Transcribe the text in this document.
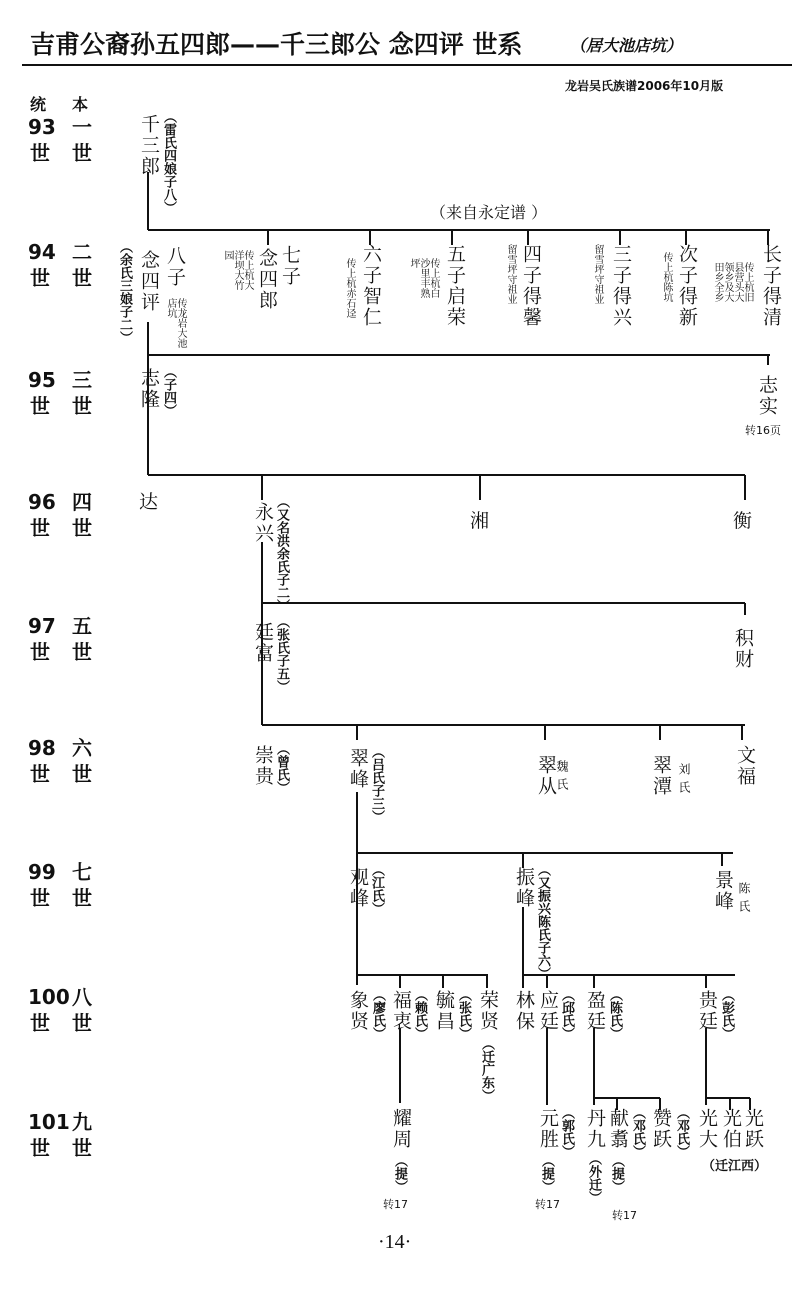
吉甫公裔孙五四郎——千三郎公 念四评 世系	（居大池店坑）
龙岩吴氏族谱2006年10月版
统 本
93 一
世 世
94 二
世 世
95 三
世 世
96 四
世 世
97 五
世 世
98 六
世 世
99 七
世 世
100 八
世 世
101 九
世 世
千三郎 （雷氏四娘子八）	（来自永定谱 ）
念四评
（余氏三娘子二） 八子
传龙岩大池店坑
七子
念四郎
传上杭大洋坝大竹园	六子智仁
传上杭赤石迳	五子启荣
传上杭白沙里丰熟坪	四子得馨
留雪坪守祖业	三子得兴
留雪坪守祖业	次子得新
传上杭陈坑	长子得清
传上杭旧县营头大领乡及大田乡全乡
志隆 （子四）	志实
转16页
达	永兴 （又名洪余氏子二）	湘	衡
廷富 （张氏子五）	积财
崇贵 （曾氏）	翠峰 （吕氏子三）	翠从
魏氏	翠潭 刘氏 文福
观峰 （江氏）	振峰 （又振兴陈氏子六）	景峰 陈氏
象贤 （廖氏） 福衷 （赖氏） 毓昌 （张氏） 荣贤
（迁广东）
林保 应廷 （邱氏） 盈廷 （陈氏）	贵廷 （彭氏）
耀周
（提）
转17
元胜 （郭氏）
（提）
转17
丹九
（外迁）
献翥 （邓氏）
（提）
转17
赞跃 （邓氏） 光大 光伯 光跃
（迁江西）
·14·
